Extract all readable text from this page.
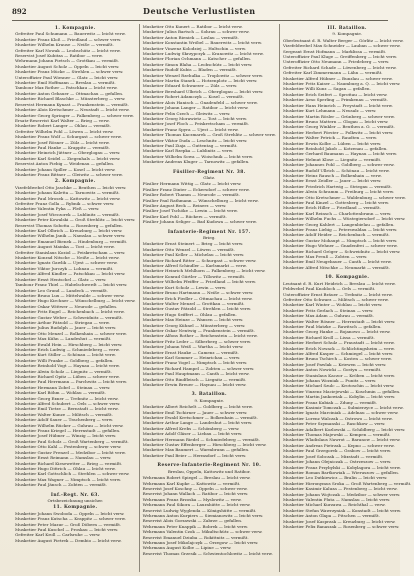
892	Deutsche Verlustlisten
1. Kompagnie.
Gefreiter Paul Schumann — Bauerwitz — leicht verw.
Musketier Franz Kloß — Friedland — schwer verw.
Musketier Wilhelm Krause — Neiße — vermißt.
Gefreiter Karl Nowak — Leobschütz — leicht verw.
Reservist Josef Kubitza — Ratibor — verw.
Wehrmann Johann Pietsch — Grottkau — vermißt.
Musketier August Scholz — Oppeln — leicht verw.
Musketier Franz Mücke — Strehlen — schwer verw.
Unteroffizier Paul Wiesner — Glatz — leicht verw.
Musketier Emil Hoffmann — Breslau — vermißt.
Tambour Max Rother — Patschkau — leicht verw.
Musketier Anton Gebauer — Ottmachau — gefallen.
Musketier Richard Blaschke — Münsterberg — verw.
Reservist Hermann Kynast — Frankenstein — vermißt.
Musketier Alois Kretschmer — Neustadt — leicht verw.
Musketier Georg Springer — Falkenberg — schwer verw.
Ersatz-Reservist Karl Walter — Brieg — verw.
Musketier Robert Langer — Ohlau — vermißt.
Gefreiter Wilhelm Pohl — Löwen — leicht verw.
Musketier Franz Wolf — Schurgast — schwer verw.
Musketier Josef Rösner — Zülz — leicht verw.
Musketier Paul Hanke — Krappitz — vermißt.
Musketier Heinrich Jüttner — Oberglogau — verw.
Musketier Karl Seidel — Ziegenhals — leicht verw.
Reservist Anton Fiebig — Weidenau — gefallen.
Musketier Johann Spiller — Kosel — leicht verw.
Musketier Franz Bittner — Gleiwitz — schwer verw.
2. Kompagnie.
Vizefeldwebel Otto Jaschke — Beuthen — leicht verw.
Musketier Johann Kaletta — Tarnowitz — vermißt.
Musketier Paul Mrosek — Kattowitz — leicht verw.
Gefreiter Franz Golla — Rybnik — schwer verw.
Musketier Valentin Pyka — Pleß — verw.
Musketier Josef Wieczorek — Lublinitz — vermißt.
Musketier Peter Kowalski — Groß Strehlitz — leicht verw.
Reservist Thomas Sobotta — Rosenberg — gefallen.
Musketier Karl Olbrich — Kreuzburg — leicht verw.
Musketier Wilhelm Janik — Namslau — schwer verw.
Musketier Emanuel Bienek — Hindenburg — vermißt.
Musketier August Mainka — Tost — leicht verw.
Gefreiter Stanislaus Koziol — Peiskretscham — verw.
Musketier Konrad Nitsche — Neiße — leicht verw.
Musketier Ignatz Gawlik — Ujest — schwer verw.
Musketier Viktor Jurczyk — Lohnau — vermißt.
Musketier Alfred Kindler — Patschkau — leicht verw.
Musketier Ernst Hentschel — Glatz — verw.
Tambour Franz Thiel — Habelschwerdt — leicht verw.
Musketier Leo Grund — Landeck — vermißt.
Musketier Bruno Lux — Mittelwalde — schwer verw.
Musketier Hugo Kirchner — Wünschelburg — leicht verw.
Musketier Oskar Wittwer — Neurode — gefallen.
Musketier Fritz Engel — Reichenbach — leicht verw.
Musketier Gustav Weber — Schweidnitz — vermißt.
Musketier Arthur Pätzold — Striegau — verw.
Musketier Julius Rudolph — Jauer — leicht verw.
Musketier Otto Menzel — Bolkenhain — schwer verw.
Musketier Max Kühn — Landeshut — vermißt.
Musketier Ewald Hein — Hirschberg — leicht verw.
Musketier Erich Ludwig — Schmiedeberg — verw.
Musketier Kurt Stiller — Schönau — leicht verw.
Musketier Willi Franke — Goldberg — gefallen.
Musketier Reinhold Vogt — Haynau — leicht verw.
Musketier Alwin Scholz — Liegnitz — vermißt.
Musketier Richard Opitz — Lüben — schwer verw.
Musketier Paul Herrmann — Parchwitz — leicht verw.
Musketier Hermann Zobel — Steinau — verw.
Musketier Karl Böhm — Wohlau — vermißt.
Musketier Georg Exner — Trebnitz — leicht verw.
Musketier Alfred Schubert — Oels — schwer verw.
Musketier Emil Tietze — Bernstadt — leicht verw.
Musketier Walter Kunze — Militsch — vermißt.
Musketier Adolf Sauer — Trachenberg — verw.
Musketier Wilhelm Rücker — Guhrau — leicht verw.
Musketier Franz Kriegel — Herrnstadt — gefallen.
Musketier Josef Hübner — Winzig — leicht verw.
Musketier Paul Scholz — Groß Wartenberg — vermißt.
Musketier Otto Kahl — Festenberg — schwer verw.
Musketier Gustav Frenzel — Medzibor — leicht verw.
Musketier Ernst Reimann — Namslau — verw.
Musketier Richard Kiesewetter — Brieg — vermißt.
Musketier Hugo Dittrich — Ohlau — leicht verw.
Musketier Karl Gottschlich — Strehlen — schwer verw.
Musketier Max Wagner — Nimptsch — leicht verw.
Musketier Paul Jänsch — Zobten — vermißt.
Inf.-Regt. Nr. 63.
Ortsbezeichnung unsicher.
11. Kompagnie.
Musketier Johann Swoboda — Oppeln — leicht verw.
Musketier Franz Kutscha — Krappitz — schwer verw.
Musketier Peter Mazur — Groß Döbern — vermißt.
Musketier Paul Kuschel — Proskau — leicht verw.
Gefreiter Karl Kroll — Carlsruhe — verw.
Musketier August Pietrek — Dembio — leicht verw.
Musketier Otto Kunert — Ratibor — leicht verw.
Musketier Julius Bartsch — Sohrau — schwer verw.
Musketier Anton Bieniek — Loslau — vermißt.
Musketier Konstantin Wróbel — Bauerwitz — leicht verw.
Musketier Vinzenz Kolodziej — Hultschin — verw.
Musketier Ludwig Skrzypczyk — Kranowitz — leicht verw.
Musketier Florian Ochmann — Katscher — gefallen.
Musketier Simon Blaha — Leobschütz — leicht verw.
Musketier Rudolf Kubis — Bladen — vermißt.
Musketier Wenzel Rzehulka — Troplowitz — schwer verw.
Musketier Martin Stanek — Hotzenplotz — leicht verw.
Musketier Eduard Schwarzer — Zülz — verw.
Musketier Bernhard Ulbrich — Oberglogau — leicht verw.
Musketier Robert Adamczyk — Kosel — vermißt.
Musketier Alois Hanisch — Gnadenfeld — schwer verw.
Musketier Johann Langer — Ratibor — leicht verw.
Musketier Felix Czech — Gleiwitz — verw.
Musketier Georg Morawietz — Tost — leicht verw.
Musketier Josef Ploch — Peiskretscham — vermißt.
Musketier Franz Spyra — Ujest — leicht verw.
Musketier Thomas Kaczmarek — Groß Strehlitz — schwer verw.
Musketier Viktor Duda — Leschnitz — leicht verw.
Musketier Paul Ziaja — Guttentag — vermißt.
Musketier Karl Rzepka — Lublinitz — verw.
Musketier Wilhelm Sowa — Woischnik — leicht verw.
Musketier Andreas Kluger — Tarnowitz — gefallen.
Füsilier-Regiment Nr. 38.
Glatz.
Füsilier Hermann Wittig — Glatz — leicht verw.
Füsilier Franz Dinter — Eckersdorf — schwer verw.
Füsilier Robert Thamm — Neurode — vermißt.
Füsilier Paul Rathmann — Wünschelburg — leicht verw.
Füsilier August Beck — Reinerz — verw.
Füsilier Josef Tschöke — Lewin — leicht verw.
Füsilier Karl Pohl — Rückers — vermißt.
Füsilier Johann Seliger — Bad Kudowa — schwer verw.
Infanterie-Regiment Nr. 157.
Brieg.
Musketier Ernst Steinert — Brieg — leicht verw.
Musketier Otto Wenzel — Löwen — vermißt.
Musketier Paul Keller — Michelau — leicht verw.
Musketier Richard Ritter — Schurgast — schwer verw.
Musketier Alfred Schindler — Karlsmarkt — verw.
Musketier Heinrich Mehlhorn — Falkenberg — leicht verw.
Musketier Konrad Gürtler — Tillowitz — vermißt.
Musketier Wilhelm Pfeiffer — Friedland — leicht verw.
Musketier Kurt Scholz — Lewin — verw.
Musketier Bruno Hartmann — Neiße — schwer verw.
Musketier Erich Fiedler — Ottmachau — leicht verw.
Musketier Walter Menzel — Grottkau — vermißt.
Musketier Gustav Pätzold — Strehlen — leicht verw.
Musketier Hugo Seiffert — Ohlau — gefallen.
Musketier Max Heinze — Wansen — leicht verw.
Musketier Georg Kühnel — Münsterberg — verw.
Musketier Oskar Nentwig — Frankenstein — vermißt.
Musketier Alfons Rother — Reichenstein — leicht verw.
Musketier Fritz Leder — Silberberg — schwer verw.
Musketier Johann Weiß — Wartha — leicht verw.
Musketier Ernst Hauke — Camenz — vermißt.
Musketier Karl Sommer — Heinrichau — verw.
Musketier Franz Vogel — Nimptsch — leicht verw.
Musketier Richard Hampel — Zobten — schwer verw.
Musketier Paul Hauptmann — Canth — leicht verw.
Musketier Otto Rindfleisch — Liegnitz — vermißt.
Musketier Erwin Breuer — Haynau — leicht verw.
3. Bataillon.
9. Kompagnie.
Musketier Albert Reichelt — Goldberg — leicht verw.
Musketier Emil Tschirner — Jauer — schwer verw.
Musketier Ewald Kretschmer — Bolkenhain — vermißt.
Musketier Arthur Lange — Landeshut — leicht verw.
Musketier Alfred Krebs — Schömberg — verw.
Musketier Adolf Gläser — Liebau — leicht verw.
Musketier Hermann Riedel — Schmiedeberg — vermißt.
Musketier Gustav Effenberger — Hirschberg — leicht verw.
Musketier Max Baumert — Warmbrunn — gefallen.
Musketier Paul Beier — Hermsdorf — leicht verw.
Reserve-Infanterie-Regiment Nr. 10.
Breslau, Oppeln, Kattowitz und Ratibor.
Wehrmann Robert Spiegel — Breslau — leicht verw.
Wehrmann Karl Kupke — Kattowitz — vermißt.
Reservist Josef Koschny — Oppeln — schwer verw.
Reservist Johann Wallach — Ratibor — leicht verw.
Wehrmann Franz Brzoska — Myslowitz — verw.
Wehrmann Paul Sikora — Laurahütte — leicht verw.
Reservist Ludwig Wyglenda — Königshütte — vermißt.
Wehrmann Anton Kurpiers — Siemianowitz — leicht verw.
Reservist Alois Gorzawski — Zabrze — gefallen.
Wehrmann Peter Knappik — Bobrek — leicht verw.
Wehrmann Valentin Czok — Mikultschütz — schwer verw.
Reservist Emanuel Dziuba — Rokittnitz — vermißt.
Wehrmann Josef Mikolajczyk — Orzegow — leicht verw.
Wehrmann August Kolbe — Lipine — verw.
Reservist Thomas Grzesik — Schwientochlowitz — leicht verw.
III. Bataillon.
9. Kompagnie.
Oberleutnant d. R. Walter Berger — Görlitz — leicht verw.
Vizefeldwebel Max Schneider — Lauban — schwer verw.
Sergeant Ernst Hofmann — Marklissa — vermißt.
Unteroffizier Paul Kluge — Greiffenberg — leicht verw.
Unteroffizier Otto Neumann — Friedeberg — verw.
Gefreiter Richard Schade — Löwenberg — leicht verw.
Gefreiter Karl Zimmermann — Lähn — vermißt.
Musketier Alfred Hübner — Bunzlau — schwer verw.
Musketier Fritz Kaiser — Naumburg a. Q. — leicht verw.
Musketier Willi Kunz — Sagan — gefallen.
Musketier Erich Seifert — Sprottau — leicht verw.
Musketier Arno Sperling — Primkenau — vermißt.
Musketier Hans Heinrich — Freystadt — leicht verw.
Musketier Kurt Lehmann — Neusalz — verw.
Musketier Martin Rösler — Grünberg — schwer verw.
Musketier Bruno Mattern — Glogau — leicht verw.
Musketier Georg Winkler — Beuthen a. O. — vermißt.
Musketier Herbert Förster — Polkwitz — leicht verw.
Musketier Walter Petrick — Raudten — verw.
Musketier Erwin Kolbe — Lüben — leicht verw.
Musketier Reinhold Jakob — Kotzenau — gefallen.
Musketier Gerhard Baumann — Haynau — leicht verw.
Musketier Helmut Klose — Liegnitz — vermißt.
Musketier Johannes Pohl — Goldberg — schwer verw.
Musketier Rudolf Ullrich — Schönau — leicht verw.
Musketier Heinz Rausch — Bolkenhain — verw.
Musketier Ernst Zeidler — Jauer — leicht verw.
Musketier Friedrich Hartwig — Striegau — vermißt.
Musketier Alwin Schramm — Freiburg — leicht verw.
Musketier Otto Kretschmer — Waldenburg — schwer verw.
Musketier Paul Kinzel — Gottesberg — leicht verw.
Musketier Erich Hiller — Friedland — vermißt.
Musketier Karl Reinsch — Charlottenbrunn — verw.
Musketier Wilhelm Fuchs — Wüstegiersdorf — leicht verw.
Musketier Georg Kahlert — Langenbielau — gefallen.
Musketier Franz Liebig — Peterswaldau — leicht verw.
Musketier Adolf Heider — Reichenbach — vermißt.
Musketier Gustav Mohaupt — Nimptsch — leicht verw.
Musketier Hugo Wehner — Gnadenfrei — schwer verw.
Musketier Richard Gröger — Schweidnitz — leicht verw.
Musketier Max Preuß — Zobten — verw.
Musketier Emil Neugebauer — Canth — leicht verw.
Musketier Alfred Nitschke — Neumarkt — vermißt.
10. Kompagnie.
Leutnant d. R. Kurt Heidrich — Breslau — leicht verw.
Feldwebel Paul Knobloch — Oels — vermißt.
Unteroffizier Ernst Bräuer — Trebnitz — leicht verw.
Gefreiter Otto Schwarz — Militsch — schwer verw.
Musketier Karl Winter — Wohlau — leicht verw.
Musketier Fritz Gerlach — Steinau — verw.
Musketier Max Adam — Guhrau — vermißt.
Musketier Walter Rösner — Herrnstadt — leicht verw.
Musketier Paul Matzke — Rawitsch — gefallen.
Musketier Georg Hanke — Bojanowo — leicht verw.
Musketier Richard Kroll — Lissa — vermißt.
Musketier Herbert Schulz — Fraustadt — leicht verw.
Musketier Erich Nowack — Schlichtingsheim — verw.
Musketier Alfred Kasper — Schmiegel — leicht verw.
Musketier Bruno Tschirch — Kosten — schwer verw.
Musketier Josef Pawlak — Kriewen — leicht verw.
Musketier Anton Nowicki — Gostyn — vermißt.
Musketier Stanislaus Kaczor — Kröben — leicht verw.
Musketier Johann Wozniak — Punitz — verw.
Musketier Michael Szulc — Krotoschin — leicht verw.
Musketier Vinzenz Maciejewski — Koschmin — gefallen.
Musketier Martin Jankowiak — Kobylin — leicht verw.
Musketier Franz Kubiak — Zduny — vermißt.
Musketier Kasimir Tomczak — Sulmierzyce — leicht verw.
Musketier Ignatz Marciniak — Adelnau — schwer verw.
Musketier Lorenz Walczak — Ostrowo — leicht verw.
Musketier Peter Szymanski — Raschkow — verw.
Musketier Adalbert Kozlowski — Schildberg — leicht verw.
Musketier Thomas Majewski — Kempen — vermißt.
Musketier Wladislaus Nawrot — Baranow — leicht verw.
Musketier Andreas Pietrzak — Kepno — schwer verw.
Musketier Paul Grzegorek — Grabow — leicht verw.
Musketier Josef Sobczak — Mixstadt — vermißt.
Musketier Johann Olejniczak — Ostrzeszow — verw.
Musketier Franz Przybylski — Kobylagora — leicht verw.
Musketier Roman Bartkowiak — Wieruszow — gefallen.
Musketier Leo Dutkiewicz — Bralin — leicht verw.
Musketier Hieronymus Sroka — Groß Wartenberg — vermißt.
Musketier Kasimir Kaluza — Festenberg — leicht verw.
Musketier Johann Wojtczak — Medzibor — schwer verw.
Musketier Valentin Pluta — Namslau — leicht verw.
Musketier Michael Kurzawa — Reichthal — verw.
Musketier Stefan Wawrzyniak — Konstadt — leicht verw.
Musketier Anton Glapa — Pitschen — vermißt.
Musketier Josef Kasprzak — Kreuzburg — leicht verw.
Musketier Felix Banaszak — Rosenberg — schwer verw.
